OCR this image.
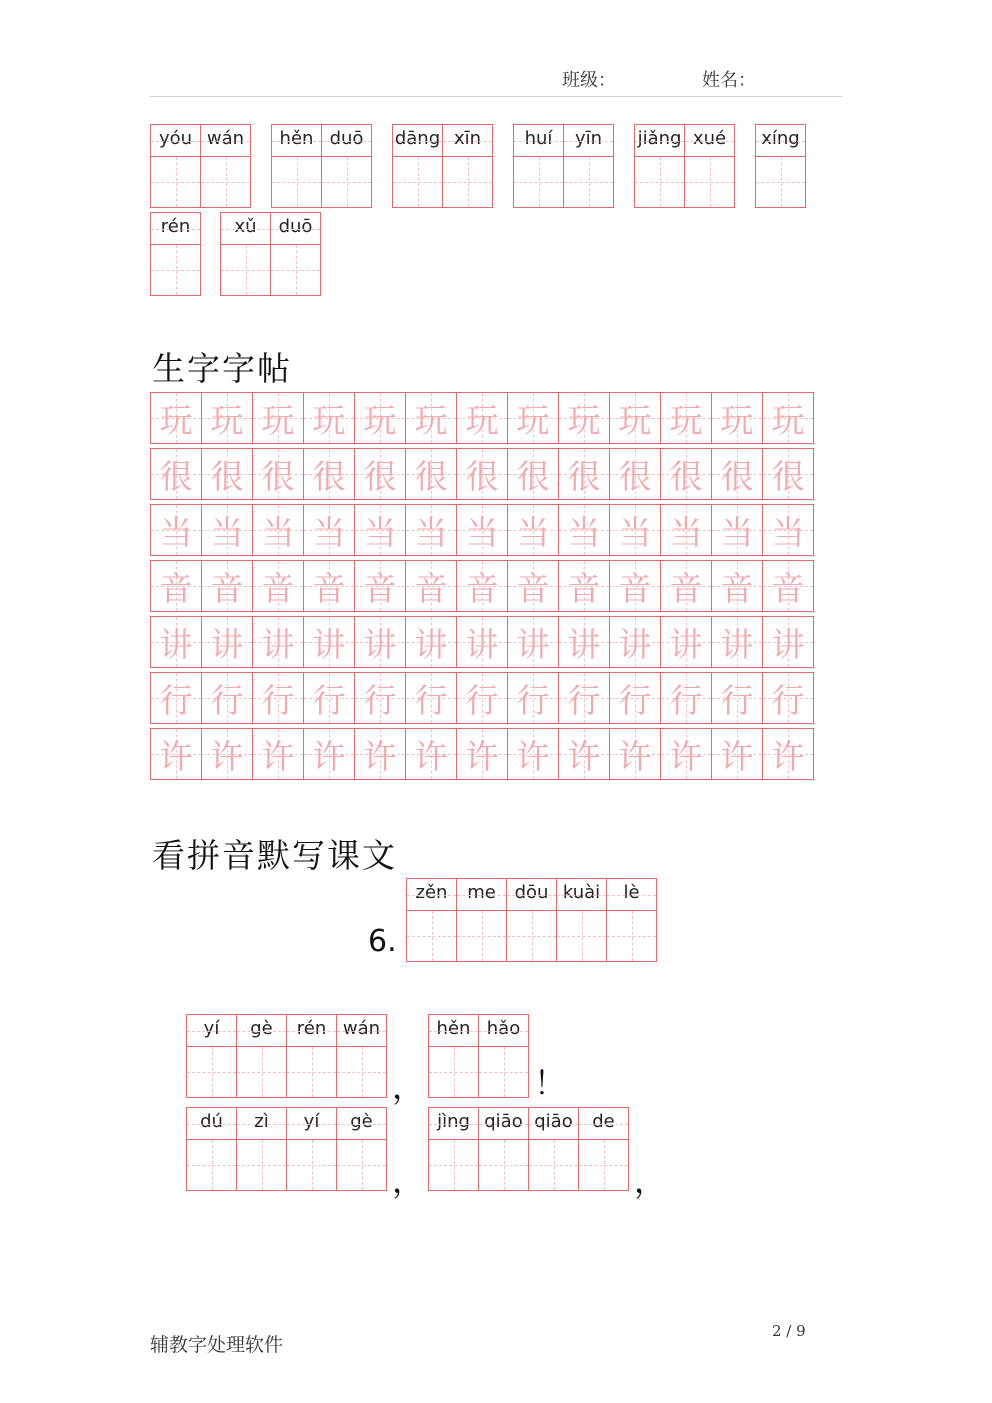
班级：	姓名：
yóu wán	hěn duō	dāng xīn	huí	yīn	jiǎng xué	xíng
rén	xǔ	duō
生字字帖
玩 玩 玩 玩 玩 玩 玩 玩 玩 玩 玩 玩 玩
很 很 很 很 很 很 很 很 很 很 很 很 很
当 当 当 当 当 当 当 当 当 当 当 当 当
音 音 音 音 音 音 音 音 音 音 音 音 音
讲 讲 讲 讲 讲 讲 讲 讲 讲 讲 讲 讲 讲
行 行 行 行 行 行 行 行 行 行 行 行 行
许 许 许 许 许 许 许 许 许 许 许 许 许
看拼音默写课文
6.
zěn	me	dōu kuài	lè
yí	gè	rén wán	hěn hǎo
dú	zì	yí	gè	jìng qiāo qiāo	de
，	！
，	，
辅教字处理软件
2 / 9
